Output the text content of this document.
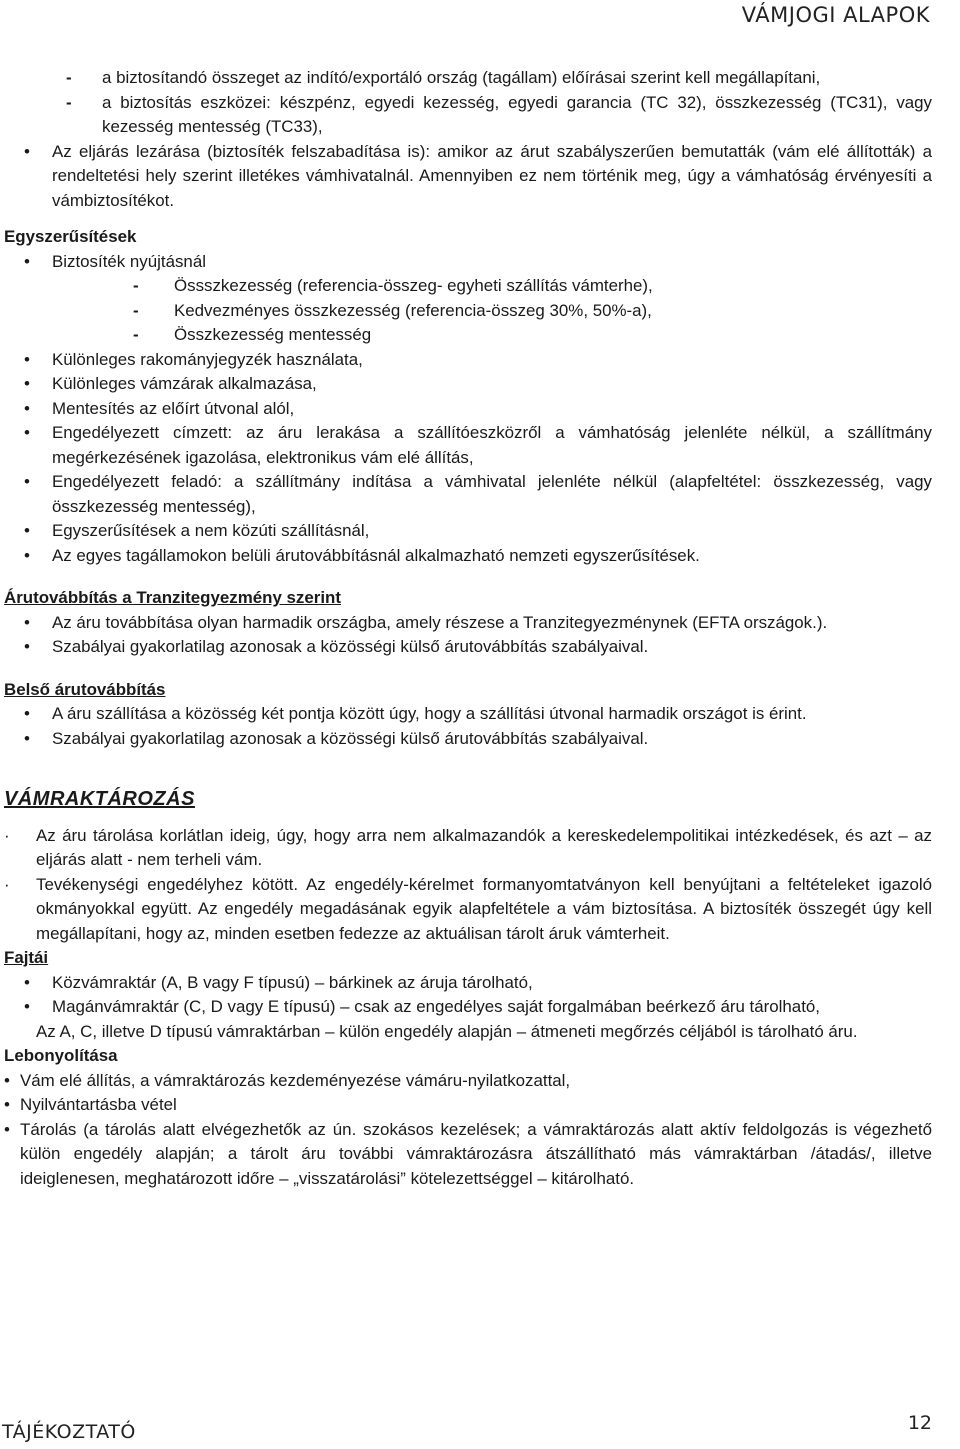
VÁMJOGI ALAPOK
- a biztosítandó összeget az indító/exportáló ország (tagállam) előírásai szerint kell megállapítani,
- a biztosítás eszközei: készpénz, egyedi kezesség, egyedi garancia (TC 32), összkezesség (TC31), vagy kezesség mentesség (TC33),
• Az eljárás lezárása (biztosíték felszabadítása is): amikor az árut szabályszerűen bemutatták (vám elé állították) a rendeltetési hely szerint illetékes vámhivatalnál. Amennyiben ez nem történik meg, úgy a vámhatóság érvényesíti a vámbiztosítékot.
Egyszerűsítések
• Biztosíték nyújtásnál
- Össszkezesség (referencia-összeg- egyheti szállítás vámterhe),
- Kedvezményes összkezesség (referencia-összeg 30%, 50%-a),
- Összkezesség mentesség
• Különleges rakományjegyzék használata,
• Különleges vámzárak alkalmazása,
• Mentesítés az előírt útvonal alól,
• Engedélyezett címzett: az áru lerakása a szállítóeszközről a vámhatóság jelenléte nélkül, a szállítmány megérkezésének igazolása, elektronikus vám elé állítás,
• Engedélyezett feladó: a szállítmány indítása a vámhivatal jelenléte nélkül (alapfeltétel: összkezesség, vagy összkezesség mentesség),
• Egyszerűsítések a nem közúti szállításnál,
• Az egyes tagállamokon belüli árutovábbításnál alkalmazható nemzeti egyszerűsítések.
Árutovábbítás a Tranzitegyezmény szerint
• Az áru továbbítása olyan harmadik országba, amely részese a Tranzitegyezménynek (EFTA országok.).
• Szabályai gyakorlatilag azonosak a közösségi külső árutovábbítás szabályaival.
Belső árutovábbítás
• A áru szállítása a közösség két pontja között úgy, hogy a szállítási útvonal harmadik országot is érint.
• Szabályai gyakorlatilag azonosak a közösségi külső árutovábbítás szabályaival.
VÁMRAKTÁROZÁS
· Az áru tárolása korlátlan ideig, úgy, hogy arra nem alkalmazandók a kereskedelempolitikai intézkedések, és azt – az eljárás alatt - nem terheli vám.
· Tevékenységi engedélyhez kötött. Az engedély-kérelmet formanyomtatványon kell benyújtani a feltételeket igazoló okmányokkal együtt. Az engedély megadásának egyik alapfeltétele a vám biztosítása. A biztosíték összegét úgy kell megállapítani, hogy az, minden esetben fedezze az aktuálisan tárolt áruk vámterheit.
Fajtái
• Közvámraktár (A, B vagy F típusú) – bárkinek az áruja tárolható,
• Magánvámraktár (C, D vagy E típusú) – csak az engedélyes saját forgalmában beérkező áru tárolható,
Az A, C, illetve D típusú vámraktárban – külön engedély alapján – átmeneti megőrzés céljából is tárolható áru.
Lebonyolítása
• Vám elé állítás, a vámraktározás kezdeményezése vámáru-nyilatkozattal,
• Nyilvántartásba vétel
• Tárolás (a tárolás alatt elvégezhetők az ún. szokásos kezelések; a vámraktározás alatt aktív feldolgozás is végezhető külön engedély alapján; a tárolt áru további vámraktározásra átszállítható más vámraktárban /átadás/, illetve ideiglenesen, meghatározott időre – „visszatárolási” kötelezettséggel – kitárolható.
TÁJÉKOZTATÓ	12
